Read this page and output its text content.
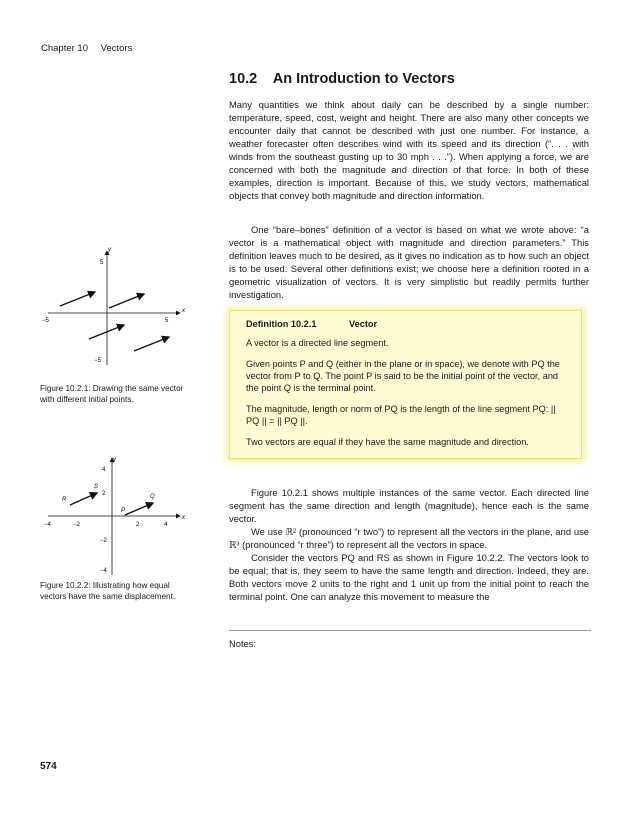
Chapter 10 Vectors
10.2 An Introduction to Vectors
Many quantities we think about daily can be described by a single number: temperature, speed, cost, weight and height. There are also many other concepts we encounter daily that cannot be described with just one number. For instance, a weather forecaster often describes wind with its speed and its direction (“. . . with winds from the southeast gusting up to 30 mph . . .”). When applying a force, we are concerned with both the magnitude and direction of that force. In both of these examples, direction is important. Because of this, we study vectors, mathematical objects that convey both magnitude and direction information.
One “bare–bones” definition of a vector is based on what we wrote above: “a vector is a mathematical object with magnitude and direction parameters.” This definition leaves much to be desired, as it gives no indication as to how such an object is to be used. Several other definitions exist; we choose here a definition rooted in a geometric visualization of vectors. It is very simplistic but readily permits further investigation.
Definition 10.2.1	Vector

A vector is a directed line segment.

Given points P and Q (either in the plane or in space), we denote with PQ the vector from P to Q. The point P is said to be the initial point of the vector, and the point Q is the terminal point.

The magnitude, length or norm of PQ is the length of the line segment PQ: || PQ || = || PQ ||.

Two vectors are equal if they have the same magnitude and direction.

Figure 10.2.1 shows multiple instances of the same vector. Each directed line segment has the same direction and length (magnitude), hence each is the same vector.
We use ℝ² (pronounced “r two”) to represent all the vectors in the plane, and use ℝ³ (pronounced “r three”) to represent all the vectors in space.
Consider the vectors PQ and RS as shown in Figure 10.2.2. The vectors look to be equal; that is, they seem to have the same length and direction. Indeed, they are. Both vectors move 2 units to the right and 1 unit up from the initial point to reach the terminal point. One can analyze this movement to measure the
x
y
−5	5
5
−5
Figure 10.2.1: Drawing the same vector with different initial points.
x
y
−4	−2	2	4
4
2
−2
−4
R
S
P
Q
Figure 10.2.2: Illustrating how equal vectors have the same displacement.
Notes:
574
